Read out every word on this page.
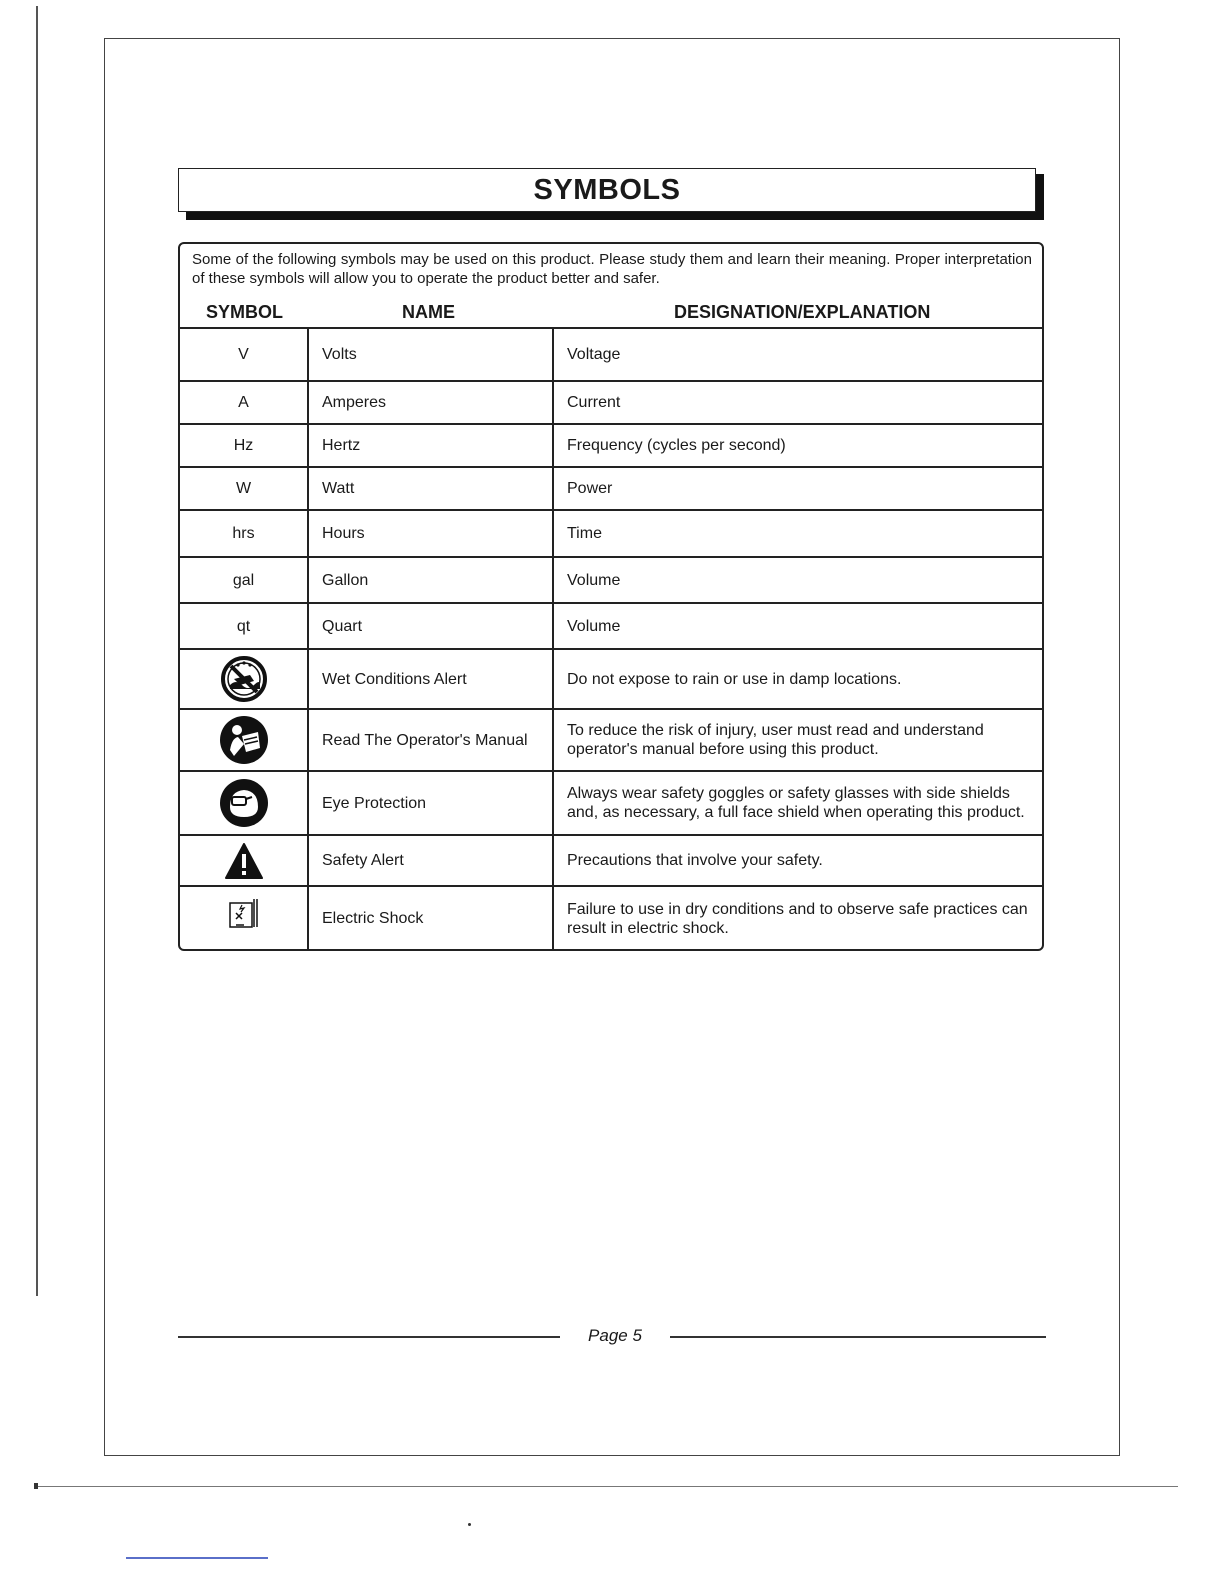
SYMBOLS
Some of the following symbols may be used on this product. Please study them and learn their meaning. Proper interpretation of these symbols will allow you to operate the product better and safer.
SYMBOL	NAME	DESIGNATION/EXPLANATION
V	Volts	Voltage
A	Amperes	Current
Hz	Hertz	Frequency (cycles per second)
W	Watt	Power
hrs	Hours	Time
gal	Gallon	Volume
qt	Quart	Volume

	Wet Conditions Alert	Do not expose to rain or use in damp locations.

	Read The Operator's Manual	To reduce the risk of injury, user must read and understand operator's manual before using this product.

	Eye Protection	Always wear safety goggles or safety glasses with side shields and, as necessary, a full face shield when operating this product.

	Safety Alert	Precautions that involve your safety.

	Electric Shock	Failure to use in dry conditions and to observe safe practices can result in electric shock.
Page 5
